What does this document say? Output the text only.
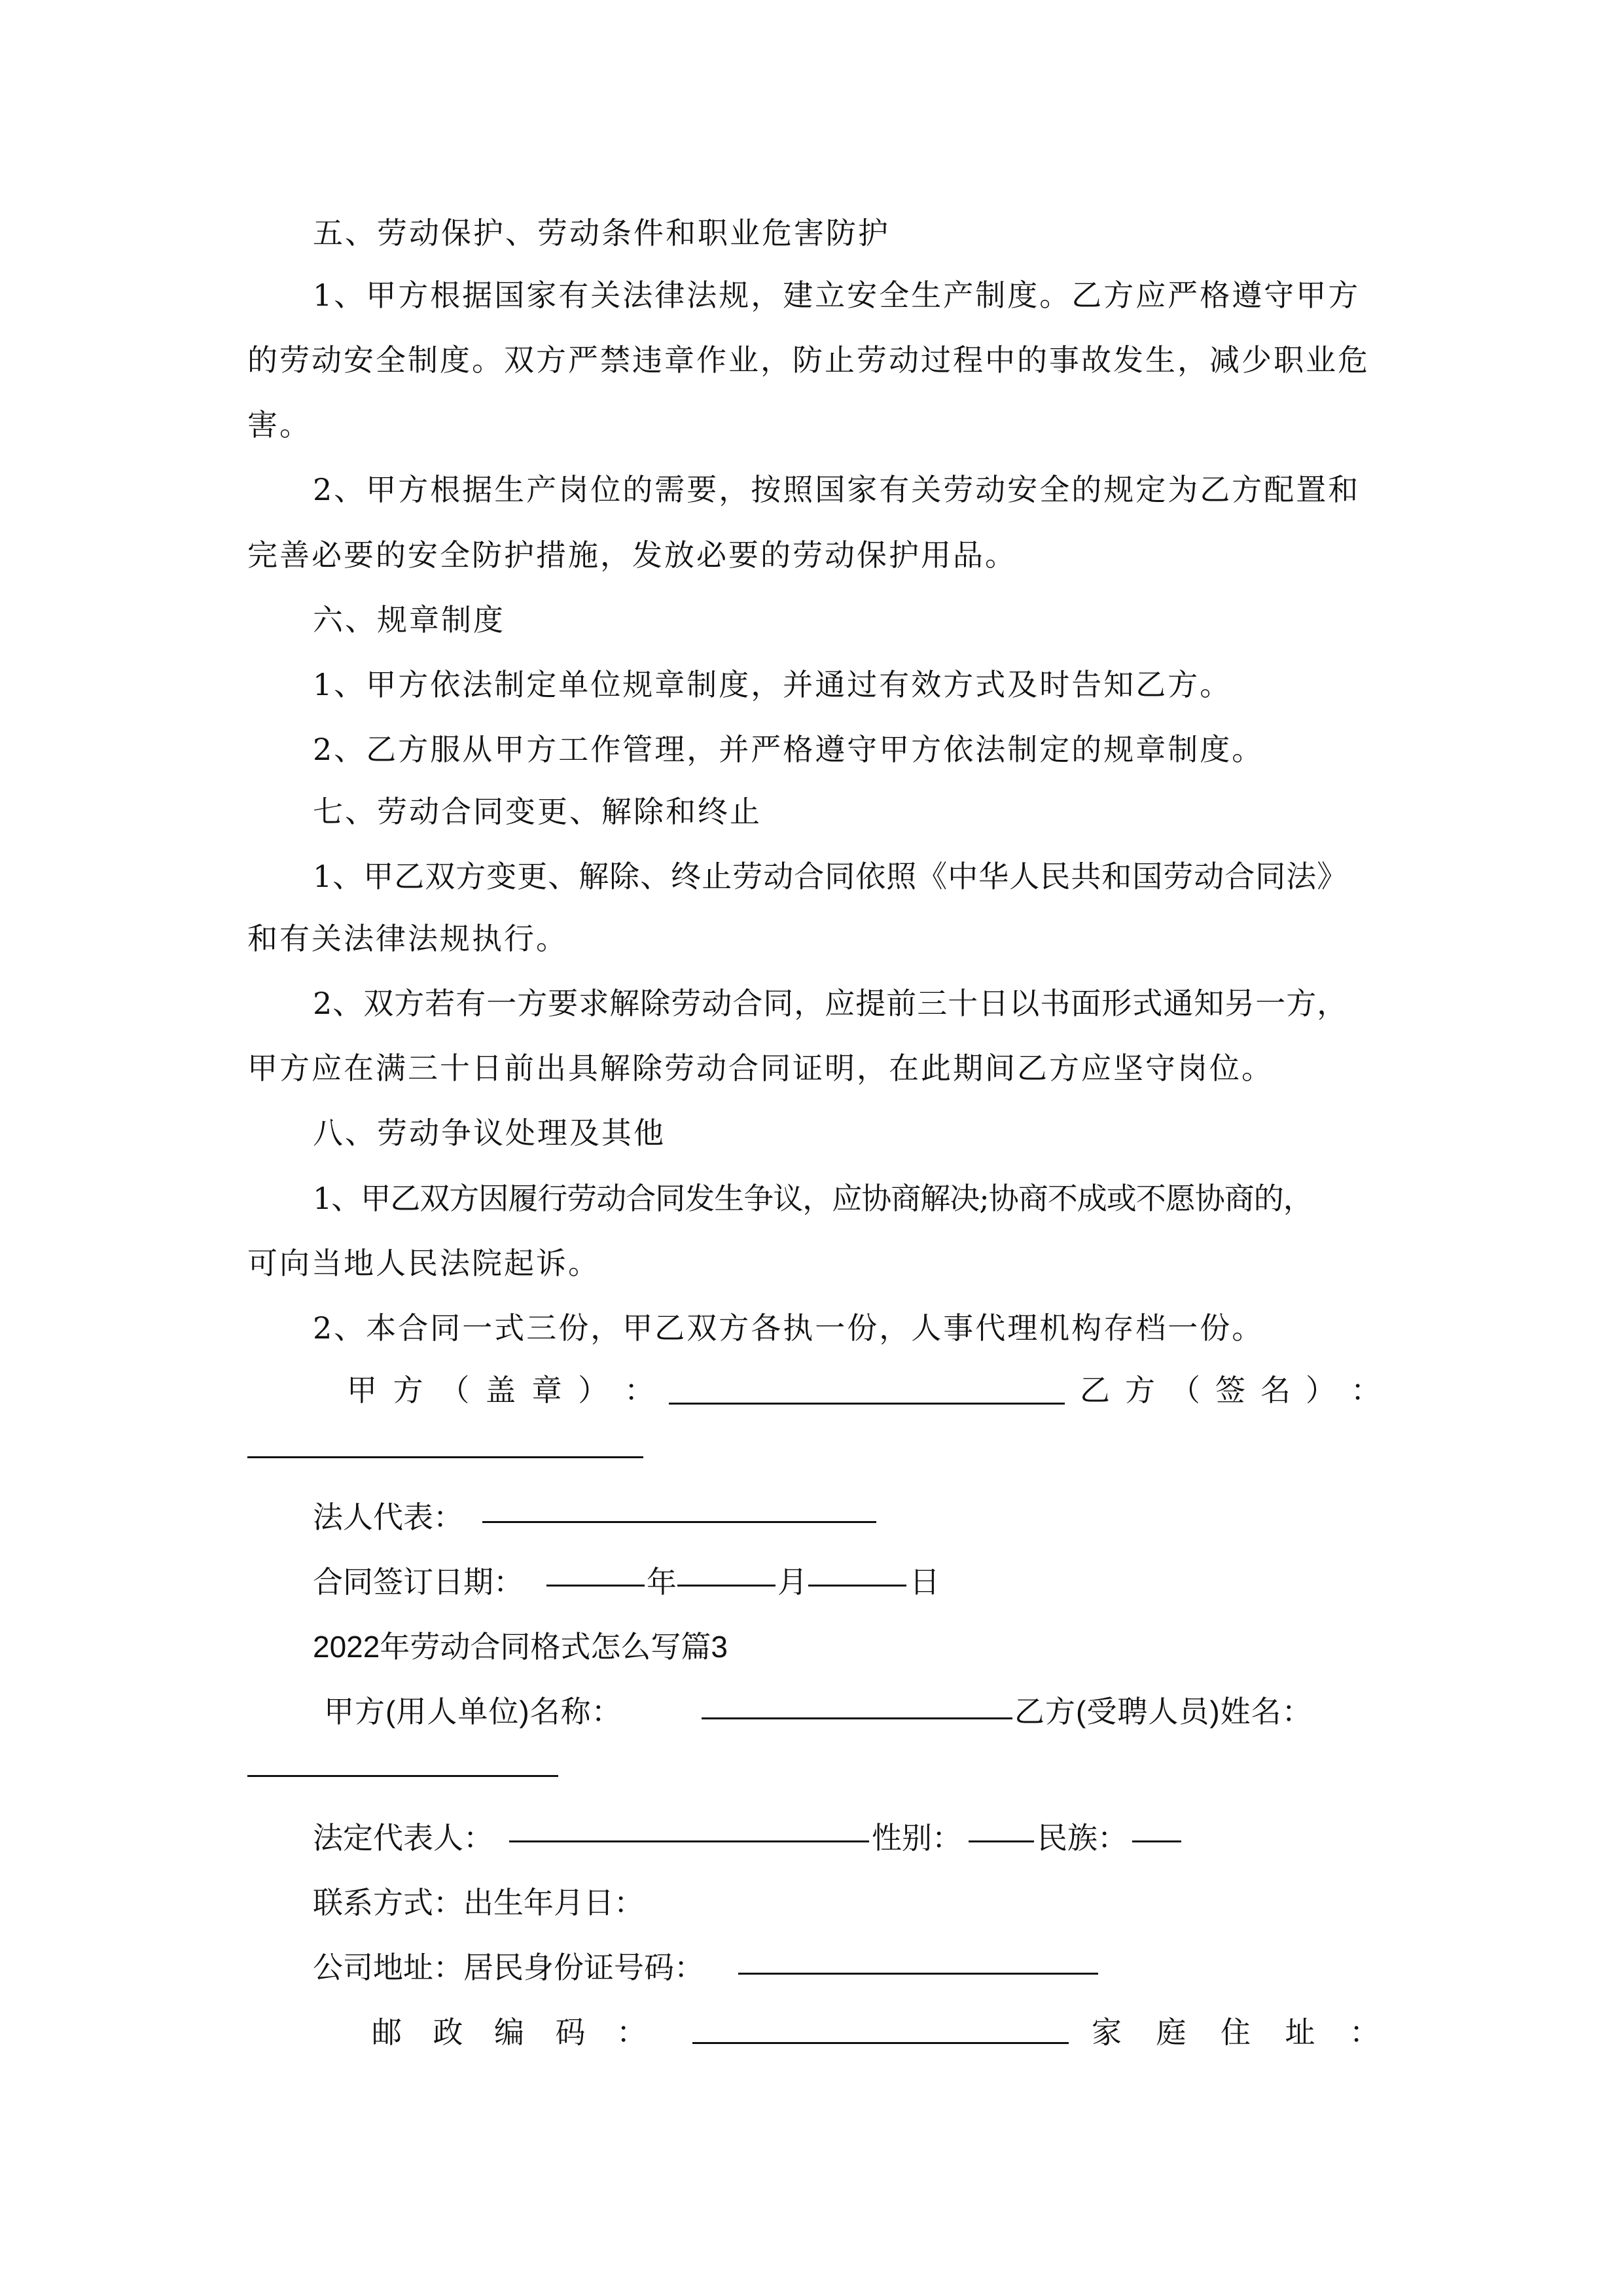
五、劳动保护、劳动条件和职业危害防护
1、甲方根据国家有关法律法规，建立安全生产制度。乙方应严格遵守甲方
的劳动安全制度。双方严禁违章作业，防止劳动过程中的事故发生，减少职业危
害。
2、甲方根据生产岗位的需要，按照国家有关劳动安全的规定为乙方配置和
完善必要的安全防护措施，发放必要的劳动保护用品。
六、规章制度
1、甲方依法制定单位规章制度，并通过有效方式及时告知乙方。
2、乙方服从甲方工作管理，并严格遵守甲方依法制定的规章制度。
七、劳动合同变更、解除和终止
1、甲乙双方变更、解除、终止劳动合同依照《中华人民共和国劳动合同法》
和有关法律法规执行。
2、双方若有一方要求解除劳动合同，应提前三十日以书面形式通知另一方，
甲方应在满三十日前出具解除劳动合同证明，在此期间乙方应坚守岗位。
八、劳动争议处理及其他
1、甲乙双方因履行劳动合同发生争议，应协商解决;协商不成或不愿协商的，
可向当地人民法院起诉。
2、本合同一式三份，甲乙双方各执一份，人事代理机构存档一份。
甲 方 （ 盖 章 ） ：	乙 方 （ 签 名 ） ：
法人代表：
合同签订日期：	年	月	日
2022年劳动合同格式怎么写篇3
甲方(用人单位)名称：	乙方(受聘人员)姓名：
法定代表人：	性别：	民族：
联系方式：出生年月日：
公司地址：居民身份证号码：
邮 政 编 码 ：	家 庭 住 址 ：
